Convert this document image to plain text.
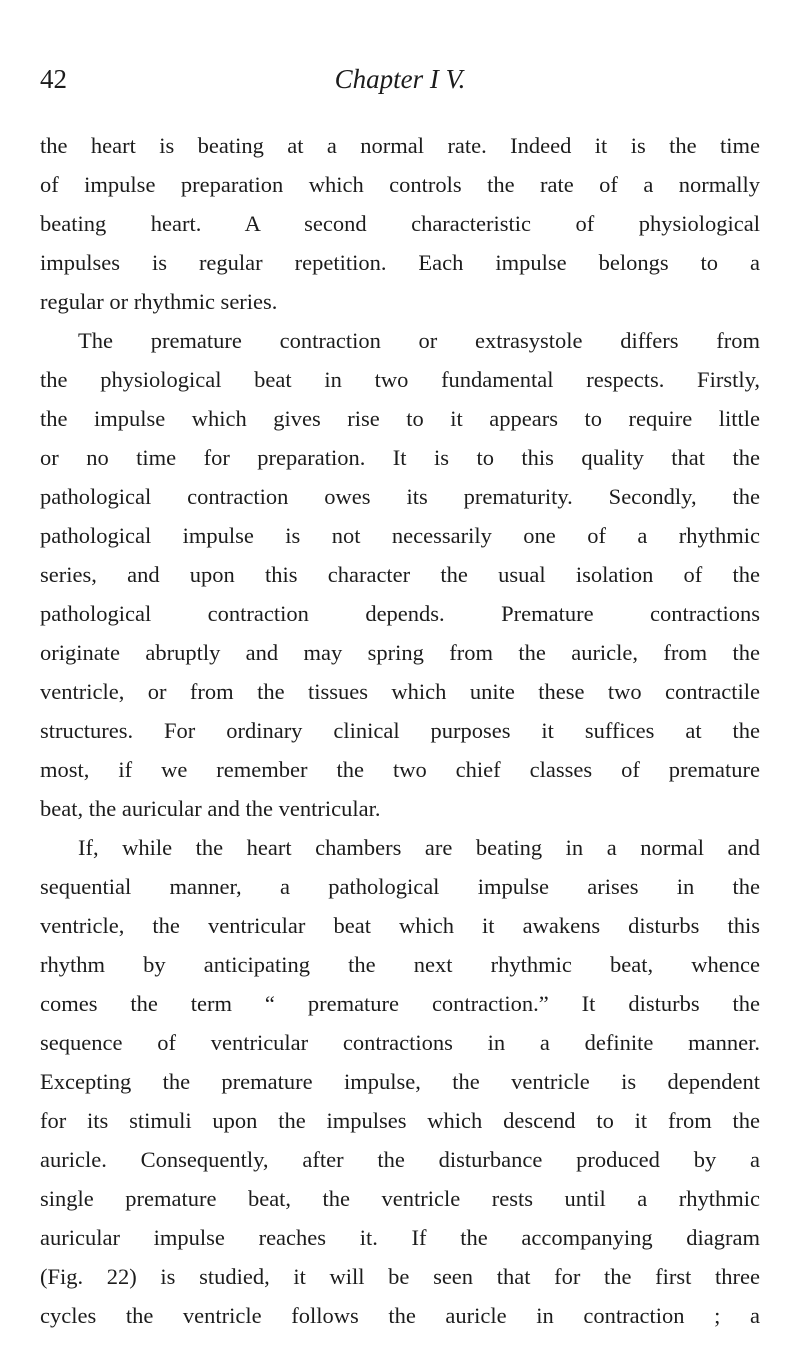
42	Chapter I V.
the heart is beating at a normal rate. Indeed it is the time
of impulse preparation which controls the rate of a normally
beating heart. A second characteristic of physiological
impulses is regular repetition. Each impulse belongs to a
regular or rhythmic series.
The premature contraction or extrasystole differs from
the physiological beat in two fundamental respects. Firstly,
the impulse which gives rise to it appears to require little
or no time for preparation. It is to this quality that the
pathological contraction owes its prematurity. Secondly, the
pathological impulse is not necessarily one of a rhythmic
series, and upon this character the usual isolation of the
pathological contraction depends. Premature contractions
originate abruptly and may spring from the auricle, from the
ventricle, or from the tissues which unite these two contractile
structures. For ordinary clinical purposes it suffices at the
most, if we remember the two chief classes of premature
beat, the auricular and the ventricular.
If, while the heart chambers are beating in a normal and
sequential manner, a pathological impulse arises in the
ventricle, the ventricular beat which it awakens disturbs this
rhythm by anticipating the next rhythmic beat, whence
comes the term “ premature contraction.” It disturbs the
sequence of ventricular contractions in a definite manner.
Excepting the premature impulse, the ventricle is dependent
for its stimuli upon the impulses which descend to it from the
auricle. Consequently, after the disturbance produced by a
single premature beat, the ventricle rests until a rhythmic
auricular impulse reaches it. If the accompanying diagram
(Fig. 22) is studied, it will be seen that for the first three
cycles the ventricle follows the auricle in contraction ; a
